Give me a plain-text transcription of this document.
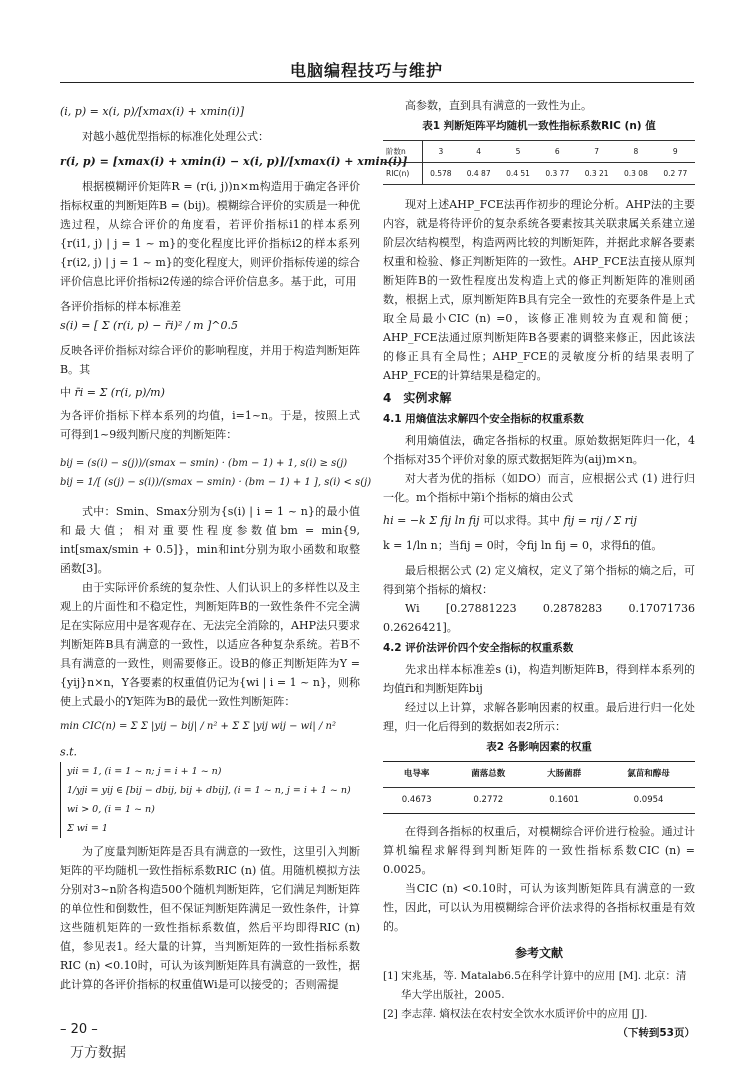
电脑编程技巧与维护
(i, p) = x(i, p)/[xmax(i) + xmin(i)]

对越小越优型指标的标准化处理公式：

r(i, p) = [xmax(i) + xmin(i) − x(i, p)]/[xmax(i) + xmin(i)]

根据模糊评价矩阵R = (r(i, j))n×m构造用于确定各评价指标权重的判断矩阵B = (bij)。模糊综合评价的实质是一种优选过程，从综合评价的角度看，若评价指标i1的样本系列{r(i1, j) | j = 1 ~ m}的变化程度比评价指标i2的样本系列{r(i2, j) | j = 1 ~ m}的变化程度大，则评价指标传递的综合评价信息比评价指标i2传递的综合评价信息多。基于此，可用

各评价指标的样本标准差 s(i) = [ Σ (r(i, p) − r̄i)² / m ]^0.5

反映各评价指标对综合评价的影响程度，并用于构造判断矩阵B。其

中 r̄i = Σ (r(i, p)/m)

为各评价指标下样本系列的均值，i=1~n。于是，按照上式可得到1~9级判断尺度的判断矩阵：

bij = (s(i) − s(j))/(smax − smin) · (bm − 1) + 1, s(i) ≥ s(j)
bij = 1/[ (s(j) − s(i))/(smax − smin) · (bm − 1) + 1 ], s(i) < s(j)

式中：Smin、Smax分别为{s(i) | i = 1 ~ n}的最小值和最大值；相对重要性程度参数值bm = min{9, int[smax/smin + 0.5]}，min和int分别为取小函数和取整函数[3]。

由于实际评价系统的复杂性、人们认识上的多样性以及主观上的片面性和不稳定性，判断矩阵B的一致性条件不完全满足在实际应用中是客观存在、无法完全消除的，AHP法只要求判断矩阵B具有满意的一致性，以适应各种复杂系统。若B不具有满意的一致性，则需要修正。设B的修正判断矩阵为Y = {yij}n×n，Y各要素的权重值仍记为{wi | i = 1 ~ n}，则称使上式最小的Y矩阵为B的最优一致性判断矩阵：

min CIC(n) = Σ Σ |yij − bij| / n² + Σ Σ |yij wij − wi| / n²
s.t.
yii = 1, (i = 1 ~ n; j = i + 1 ~ n)
1/yji = yij ∈ [bij − dbij, bij + dbij], (i = 1 ~ n, j = i + 1 ~ n)
wi > 0, (i = 1 ~ n)
Σ wi = 1

为了度量判断矩阵是否具有满意的一致性，这里引入判断矩阵的平均随机一致性指标系数RIC (n) 值。用随机模拟方法分别对3~n阶各构造500个随机判断矩阵，它们满足判断矩阵的单位性和倒数性，但不保证判断矩阵满足一致性条件，计算这些随机矩阵的一致性指标系数值，然后平均即得RIC (n) 值，参见表1。经大量的计算，当判断矩阵的一致性指标系数RIC (n) <0.10时，可认为该判断矩阵具有满意的一致性，据此计算的各评价指标的权重值Wi是可以接受的；否则需提

高参数，直到具有满意的一致性为止。

表1 判断矩阵平均随机一致性指标系数RIC (n) 值
阶数n	3	4	5	6	7	8	9
RIC(n)	0.578	0.4 87	0.4 51	0.3 77	0.3 21	0.3 08	0.2 77

现对上述AHP_FCE法再作初步的理论分析。AHP法的主要内容，就是将待评价的复杂系统各要素按其关联隶属关系建立递阶层次结构模型，构造两两比较的判断矩阵，并据此求解各要素权重和检验、修正判断矩阵的一致性。AHP_FCE法直接从原判断矩阵B的一致性程度出发构造上式的修正判断矩阵的准则函数，根据上式，原判断矩阵B具有完全一致性的充要条件是上式取全局最小CIC (n) =0，该修正准则较为直观和简便；AHP_FCE法通过原判断矩阵B各要素的调整来修正，因此该法的修正具有全局性；AHP_FCE的灵敏度分析的结果表明了AHP_FCE的计算结果是稳定的。

4　实例求解
4.1 用熵值法求解四个安全指标的权重系数

利用熵值法，确定各指标的权重。原始数据矩阵归一化，4个指标对35个评价对象的原式数据矩阵为(aij)m×n。

对大者为优的指标（如DO）而言，应根据公式 (1) 进行归一化。m个指标中第i个指标的熵由公式

hi = −k Σ fij ln fij 可以求得。其中 fij = rij / Σ rij
k = 1/ln n；当fij = 0时，令fij ln fij = 0，求得fi的值。

最后根据公式 (2) 定义熵权，定义了第个指标的熵之后，可得到第个指标的熵权：

Wi [0.27881223 0.2878283 0.17071736 0.2626421]。

4.2 评价法评价四个安全指标的权重系数

先求出样本标准差s (i)，构造判断矩阵B，得到样本系列的均值r̄i和判断矩阵bij

经过以上计算，求解各影响因素的权重。最后进行归一化处理，归一化后得到的数据如表2所示：

表2 各影响因素的权重
电导率	菌落总数	大肠菌群	氯苗和醇母
0.4673	0.2772	0.1601	0.0954

在得到各指标的权重后，对模糊综合评价进行检验。通过计算机编程求解得到判断矩阵的一致性指标系数CIC (n) = 0.0025。

当CIC (n) <0.10时，可认为该判断矩阵具有满意的一致性，因此，可以认为用模糊综合评价法求得的各指标权重是有效的。

参考文献

[1] 宋兆基，等. Matalab6.5在科学计算中的应用 [M]. 北京：清华大学出版社，2005.

[2] 李志萍. 熵权法在农村安全饮水水质评价中的应用 [J].

（下转到53页）
– 20 –
万方数据
